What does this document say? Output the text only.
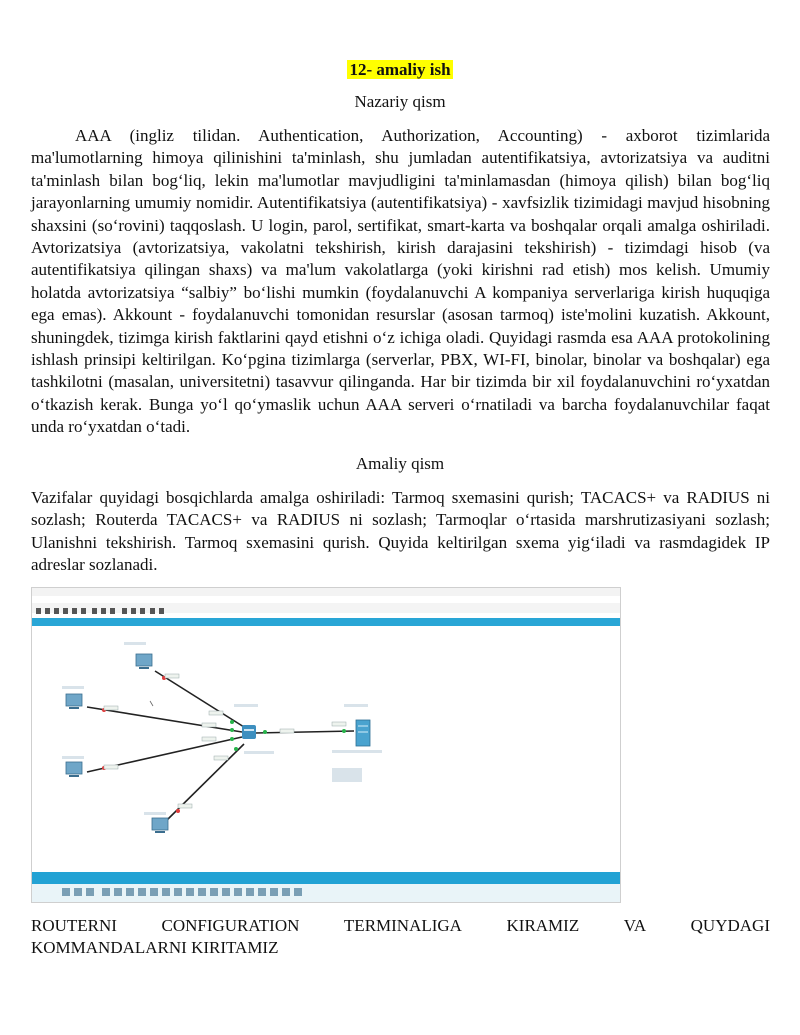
12- amaliy ish
Nazariy qism
AAA (ingliz tilidan. Authentication, Authorization, Accounting) - axborot tizimlarida ma'lumotlarning himoya qilinishini ta'minlash, shu jumladan autentifikatsiya, avtorizatsiya va auditni ta'minlash bilan bog‘liq, lekin ma'lumotlar mavjudligini ta'minlamasdan (himoya qilish) bilan bog‘liq jarayonlarning umumiy nomidir. Autentifikatsiya (autentifikatsiya) - xavfsizlik tizimidagi mavjud hisobning shaxsini (so‘rovini) taqqoslash. U login, parol, sertifikat, smart-karta va boshqalar orqali amalga oshiriladi. Avtorizatsiya (avtorizatsiya, vakolatni tekshirish, kirish darajasini tekshirish) - tizimdagi hisob (va autentifikatsiya qilingan shaxs) va ma'lum vakolatlarga (yoki kirishni rad etish) mos kelish. Umumiy holatda avtorizatsiya “salbiy” bo‘lishi mumkin (foydalanuvchi A kompaniya serverlariga kirish huquqiga ega emas). Akkount - foydalanuvchi tomonidan resurslar (asosan tarmoq) iste'molini kuzatish. Akkount, shuningdek, tizimga kirish faktlarini qayd etishni o‘z ichiga oladi. Quyidagi rasmda esa AAA protokolining ishlash prinsipi keltirilgan. Ko‘pgina tizimlarga (serverlar, PBX, WI-FI, binolar, binolar va boshqalar) ega tashkilotni (masalan, universitetni) tasavvur qilinganda. Har bir tizimda bir xil foydalanuvchini ro‘yxatdan o‘tkazish kerak. Bunga yo‘l qo‘ymaslik uchun AAA serveri o‘rnatiladi va barcha foydalanuvchilar faqat unda ro‘yxatdan o‘tadi.
Amaliy qism
Vazifalar quyidagi bosqichlarda amalga oshiriladi: Tarmoq sxemasini qurish; TACACS+ va RADIUS ni sozlash; Routerda TACACS+ va RADIUS ni sozlash; Tarmoqlar o‘rtasida marshrutizasiyani sozlash; Ulanishni tekshirish. Tarmoq sxemasini qurish. Quyida keltirilgan sxema yig‘iladi va rasmdagidek IP adreslar sozlanadi.
ROUTERNI	CONFIGURATION	TERMINALIGA	KIRAMIZ	VA	QUYDAGI
KOMMANDALARNI KIRITAMIZ
